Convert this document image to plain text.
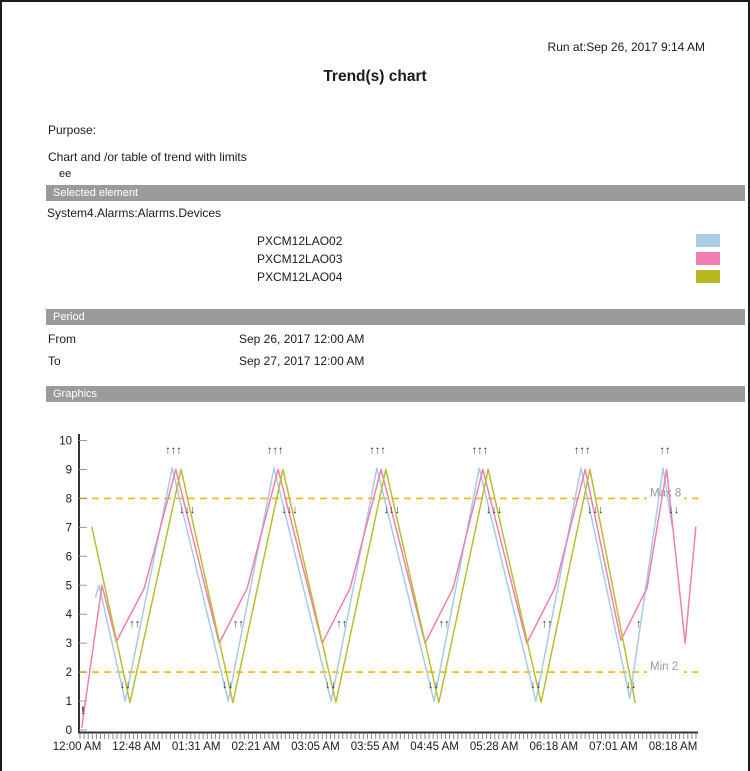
Run at:Sep 26, 2017 9:14 AM
Trend(s) chart
Purpose:
Chart and /or table of trend with limits
ee
Selected element
System4.Alarms:Alarms.Devices
PXCM12LAO02
PXCM12LAO03
PXCM12LAO04
Period
From	Sep 26, 2017 12:00 AM
To	Sep 27, 2017 12:00 AM
Graphics
Max 8
Min 2
0
1
2
3
4
5
6
7
8
9
10
12:00 AM 12:48 AM 01:31 AM 02:21 AM 03:05 AM 03:55 AM 04:45 AM 05:28 AM 06:18 AM 07:01 AM 08:18 AM
!
↑↑↑	↑↑↑	↑↑↑	↑↑↑	↑↑↑	↑↑
↓↓↓	↓↓↓	↓↓↓	↓↓↓	↓↓↓	↓↓
↑↑	↑↑	↑↑	↑↑	↑↑	↑
↓↓	↓↓	↓↓	↓↓	↓↓	↓↓
